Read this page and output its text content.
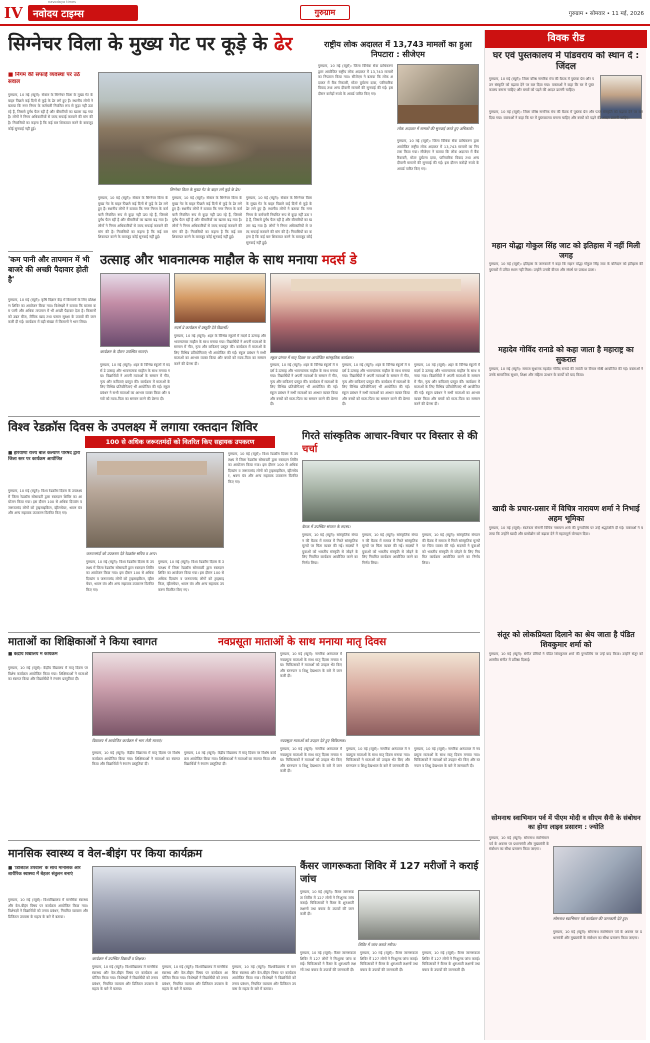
IV नवोदय टाइम्स
navodaya times
गुरुग्राम	गुरुग्राम • सोमवार • 11 मई, 2026
सिग्नेचर विला के मुख्य गेट पर कूड़े के ढेर
■ निगम की सफाई व्यवस्था पर उठे सवाल
गुरुग्राम, 10 मई (ब्यूरो): सेक्टर के सिग्नेचर विला के मुख्य गेट के बाहर पिछले कई दिनों से कूड़े के ढेर लगे हुए हैं। स्थानीय लोगों ने बताया कि नगर निगम के कर्मचारी नियमित रूप से कूड़ा नहीं उठा रहे हैं, जिससे दुर्गंध फैल रही है और बीमारियों का खतरा बढ़ गया है। लोगों ने निगम अधिकारियों से जल्द सफाई करवाने की मांग की है। निवासियों का कहना है कि कई बार शिकायत करने के बावजूद कोई सुनवाई नहीं हुई।
सिग्नेचर विला के मुख्य गेट के बाहर लगे कूड़े के ढेर।
गुरुग्राम, 10 मई (ब्यूरो): सेक्टर के सिग्नेचर विला के मुख्य गेट के बाहर पिछले कई दिनों से कूड़े के ढेर लगे हुए हैं। स्थानीय लोगों ने बताया कि नगर निगम के कर्मचारी नियमित रूप से कूड़ा नहीं उठा रहे हैं, जिससे दुर्गंध फैल रही है और बीमारियों का खतरा बढ़ गया है। लोगों ने निगम अधिकारियों से जल्द सफाई करवाने की मांग की है। निवासियों का कहना है कि कई बार शिकायत करने के बावजूद कोई सुनवाई नहीं हुई।
गुरुग्राम, 10 मई (ब्यूरो): सेक्टर के सिग्नेचर विला के मुख्य गेट के बाहर पिछले कई दिनों से कूड़े के ढेर लगे हुए हैं। स्थानीय लोगों ने बताया कि नगर निगम के कर्मचारी नियमित रूप से कूड़ा नहीं उठा रहे हैं, जिससे दुर्गंध फैल रही है और बीमारियों का खतरा बढ़ गया है। लोगों ने निगम अधिकारियों से जल्द सफाई करवाने की मांग की है। निवासियों का कहना है कि कई बार शिकायत करने के बावजूद कोई सुनवाई नहीं हुई।
गुरुग्राम, 10 मई (ब्यूरो): सेक्टर के सिग्नेचर विला के मुख्य गेट के बाहर पिछले कई दिनों से कूड़े के ढेर लगे हुए हैं। स्थानीय लोगों ने बताया कि नगर निगम के कर्मचारी नियमित रूप से कूड़ा नहीं उठा रहे हैं, जिससे दुर्गंध फैल रही है और बीमारियों का खतरा बढ़ गया है। लोगों ने निगम अधिकारियों से जल्द सफाई करवाने की मांग की है। निवासियों का कहना है कि कई बार शिकायत करने के बावजूद कोई सुनवाई नहीं हुई।
राष्ट्रीय लोक अदालत में 13,743 मामलों का हुआ निपटारा : सीजेएम
गुरुग्राम, 10 मई (ब्यूरो): जिला विधिक सेवा प्राधिकरण द्वारा आयोजित राष्ट्रीय लोक अदालत में 13,743 मामलों का निपटारा किया गया। सीजेएम ने बताया कि लोक अदालत में बैंक रिकवरी, मोटर दुर्घटना दावा, पारिवारिक विवाद तथा अन्य दीवानी मामलों की सुनवाई की गई। इस दौरान करोड़ों रुपये के अवार्ड पारित किए गए।
लोक अदालत में मामलों की सुनवाई करते हुए अधिकारी।
गुरुग्राम, 10 मई (ब्यूरो): जिला विधिक सेवा प्राधिकरण द्वारा आयोजित राष्ट्रीय लोक अदालत में 13,743 मामलों का निपटारा किया गया। सीजेएम ने बताया कि लोक अदालत में बैंक रिकवरी, मोटर दुर्घटना दावा, पारिवारिक विवाद तथा अन्य दीवानी मामलों की सुनवाई की गई। इस दौरान करोड़ों रुपये के अवार्ड पारित किए गए।
विवक रीड
घर एवं पुस्तकालय में पांडवराय को स्थान दें : जिंदल
गुरुग्राम, 10 मई (ब्यूरो): जिला वरिष्ठ नागरिक मंच की बैठक में पुस्तक प्रेम और पठन संस्कृति को बढ़ावा देने पर बल दिया गया। वक्ताओं ने कहा कि घर में पुस्तकालय बनाना चाहिए और बच्चों को पढ़ने की आदत डालनी चाहिए।
गुरुग्राम, 10 मई (ब्यूरो): जिला वरिष्ठ नागरिक मंच की बैठक में पुस्तक प्रेम और पठन संस्कृति को बढ़ावा देने पर बल दिया गया। वक्ताओं ने कहा कि घर में पुस्तकालय बनाना चाहिए और बच्चों को पढ़ने की आदत डालनी चाहिए।
महान योद्धा गोकुल सिंह जाट को इतिहास में नहीं मिली जगह
गुरुग्राम, 10 मई (ब्यूरो): इतिहास के जानकारों ने कहा कि महान योद्धा गोकुल सिंह जाट के बलिदान को इतिहास की पुस्तकों में उचित स्थान नहीं मिला। उन्होंने उनकी वीरता और संघर्ष पर प्रकाश डाला।
महादेव गोविंद रानाडे को कहा जाता है महाराष्ट्र का सुकरात
गुरुग्राम, 10 मई (ब्यूरो): समाज सुधारक महादेव गोविंद रानाडे की जयंती पर विचार गोष्ठी आयोजित की गई। वक्ताओं ने उनके सामाजिक सुधार, शिक्षा और महिला उत्थान के कार्यों को याद किया।
खादी के प्रचार-प्रसार में विचित्र नारायण शर्मा ने निभाई अहम भूमिका
गुरुग्राम, 10 मई (ब्यूरो): स्वतंत्रता सेनानी विचित्र नारायण शर्मा की पुण्यतिथि पर उन्हें श्रद्धांजलि दी गई। वक्ताओं ने बताया कि उन्होंने खादी और ग्रामोद्योग को बढ़ावा देने में महत्वपूर्ण योगदान दिया।
संतूर को लोकप्रियता दिलाने का श्रेय जाता है पंडित शिवकुमार शर्मा को
गुरुग्राम, 10 मई (ब्यूरो): संगीत प्रेमियों ने पंडित शिवकुमार शर्मा की पुण्यतिथि पर उन्हें याद किया। उन्होंने संतूर को शास्त्रीय संगीत में प्रतिष्ठा दिलाई।
सोमनाथ स्वाभिमान पर्व में पीएम मोदी व सीएम सैनी के संबोधन का होगा लाइव प्रसारण : ज्योति
गुरुग्राम, 10 मई (ब्यूरो): सोमनाथ स्वाभिमान पर्व के अवसर पर प्रधानमंत्री और मुख्यमंत्री के संबोधन का सीधा प्रसारण किया जाएगा।
सोमनाथ स्वाभिमान पर्व कार्यक्रम की जानकारी देते हुए।
गुरुग्राम, 10 मई (ब्यूरो): सोमनाथ स्वाभिमान पर्व के अवसर पर प्रधानमंत्री और मुख्यमंत्री के संबोधन का सीधा प्रसारण किया जाएगा।
'कम पानी और तापमान में भी बाजरे की अच्छी पैदावार होती है'
गुरुग्राम, 10 मई (ब्यूरो): कृषि विज्ञान केंद्र में किसानों के लिए प्रशिक्षण शिविर का आयोजन किया गया। विशेषज्ञों ने बताया कि बाजरा कम पानी और अधिक तापमान में भी अच्छी पैदावार देता है। किसानों को उन्नत बीज, जैविक खाद तथा फसल सुरक्षा के उपायों की जानकारी दी गई। कार्यक्रम में बड़ी संख्या में किसानों ने भाग लिया।
उत्साह और भावनात्मक माहौल के साथ मनाया मदर्स डे
कार्यक्रम के दौरान उपस्थित माताएं।
मदर्स डे कार्यक्रम में प्रस्तुति देते विद्यार्थी।
स्कूल प्रांगण में मातृ दिवस पर आयोजित सांस्कृतिक कार्यक्रम।
गुरुग्राम, 10 मई (ब्यूरो): शहर के विभिन्न स्कूलों में मदर्स डे उत्साह और भावनात्मक माहौल के साथ मनाया गया। विद्यार्थियों ने अपनी माताओं के सम्मान में गीत, नृत्य और कविताएं प्रस्तुत कीं। कार्यक्रम में माताओं के लिए विभिन्न प्रतियोगिताएं भी आयोजित की गईं। स्कूल प्रबंधन ने सभी माताओं का आभार व्यक्त किया और बच्चों को माता-पिता का सम्मान करने की प्रेरणा दी।
गुरुग्राम, 10 मई (ब्यूरो): शहर के विभिन्न स्कूलों में मदर्स डे उत्साह और भावनात्मक माहौल के साथ मनाया गया। विद्यार्थियों ने अपनी माताओं के सम्मान में गीत, नृत्य और कविताएं प्रस्तुत कीं। कार्यक्रम में माताओं के लिए विभिन्न प्रतियोगिताएं भी आयोजित की गईं। स्कूल प्रबंधन ने सभी माताओं का आभार व्यक्त किया और बच्चों को माता-पिता का सम्मान करने की प्रेरणा दी।	गुरुग्राम, 10 मई (ब्यूरो): शहर के विभिन्न स्कूलों में मदर्स डे उत्साह और भावनात्मक माहौल के साथ मनाया गया। विद्यार्थियों ने अपनी माताओं के सम्मान में गीत, नृत्य और कविताएं प्रस्तुत कीं। कार्यक्रम में माताओं के लिए विभिन्न प्रतियोगिताएं भी आयोजित की गईं। स्कूल प्रबंधन ने सभी माताओं का आभार व्यक्त किया और बच्चों को माता-पिता का सम्मान करने की प्रेरणा दी।
गुरुग्राम, 10 मई (ब्यूरो): शहर के विभिन्न स्कूलों में मदर्स डे उत्साह और भावनात्मक माहौल के साथ मनाया गया। विद्यार्थियों ने अपनी माताओं के सम्मान में गीत, नृत्य और कविताएं प्रस्तुत कीं। कार्यक्रम में माताओं के लिए विभिन्न प्रतियोगिताएं भी आयोजित की गईं। स्कूल प्रबंधन ने सभी माताओं का आभार व्यक्त किया और बच्चों को माता-पिता का सम्मान करने की प्रेरणा दी।
गुरुग्राम, 10 मई (ब्यूरो): शहर के विभिन्न स्कूलों में मदर्स डे उत्साह और भावनात्मक माहौल के साथ मनाया गया। विद्यार्थियों ने अपनी माताओं के सम्मान में गीत, नृत्य और कविताएं प्रस्तुत कीं। कार्यक्रम में माताओं के लिए विभिन्न प्रतियोगिताएं भी आयोजित की गईं। स्कूल प्रबंधन ने सभी माताओं का आभार व्यक्त किया और बच्चों को माता-पिता का सम्मान करने की प्रेरणा दी।
विश्व रेडक्रॉस दिवस के उपलक्ष्य में लगाया रक्तदान शिविर
100 से अधिक जरूरतमंदों को वितरित किए सहायक उपकरण
■ हरियाणा राज्य बाल कल्याण परिषद द्वारा जिला स्तर पर कार्यक्रम आयोजित
गुरुग्राम, 10 मई (ब्यूरो): विश्व रेडक्रॉस दिवस के उपलक्ष्य में जिला रेडक्रॉस सोसायटी द्वारा रक्तदान शिविर का आयोजन किया गया। इस दौरान 100 से अधिक दिव्यांग व जरूरतमंद लोगों को ट्राइसाइकिल, व्हीलचेयर, श्रवण यंत्र और अन्य सहायक उपकरण वितरित किए गए।
जरूरतमंदों को उपकरण देते रेडक्रॉस सचिव व अन्य।
गुरुग्राम, 10 मई (ब्यूरो): विश्व रेडक्रॉस दिवस के उपलक्ष्य में जिला रेडक्रॉस सोसायटी द्वारा रक्तदान शिविर का आयोजन किया गया। इस दौरान 100 से अधिक दिव्यांग व जरूरतमंद लोगों को ट्राइसाइकिल, व्हीलचेयर, श्रवण यंत्र और अन्य सहायक उपकरण वितरित किए गए।
गुरुग्राम, 10 मई (ब्यूरो): विश्व रेडक्रॉस दिवस के उपलक्ष्य में जिला रेडक्रॉस सोसायटी द्वारा रक्तदान शिविर का आयोजन किया गया। इस दौरान 100 से अधिक दिव्यांग व जरूरतमंद लोगों को ट्राइसाइकिल, व्हीलचेयर, श्रवण यंत्र और अन्य सहायक उपकरण वितरित किए गए।
गुरुग्राम, 10 मई (ब्यूरो): विश्व रेडक्रॉस दिवस के उपलक्ष्य में जिला रेडक्रॉस सोसायटी द्वारा रक्तदान शिविर का आयोजन किया गया। इस दौरान 100 से अधिक दिव्यांग व जरूरतमंद लोगों को ट्राइसाइकिल, व्हीलचेयर, श्रवण यंत्र और अन्य सहायक उपकरण वितरित किए गए।
गिरते सांस्कृतिक आचार-विचार पर विस्तार से की चर्चा
बैठक में उपस्थित संगठन के सदस्य।
गुरुग्राम, 10 मई (ब्यूरो): सांस्कृतिक संगठन की बैठक में समाज में गिरते सांस्कृतिक मूल्यों पर चिंता व्यक्त की गई। सदस्यों ने युवाओं को भारतीय संस्कृति से जोड़ने के लिए नियमित कार्यक्रम आयोजित करने का निर्णय लिया।
गुरुग्राम, 10 मई (ब्यूरो): सांस्कृतिक संगठन की बैठक में समाज में गिरते सांस्कृतिक मूल्यों पर चिंता व्यक्त की गई। सदस्यों ने युवाओं को भारतीय संस्कृति से जोड़ने के लिए नियमित कार्यक्रम आयोजित करने का निर्णय लिया।
गुरुग्राम, 10 मई (ब्यूरो): सांस्कृतिक संगठन की बैठक में समाज में गिरते सांस्कृतिक मूल्यों पर चिंता व्यक्त की गई। सदस्यों ने युवाओं को भारतीय संस्कृति से जोड़ने के लिए नियमित कार्यक्रम आयोजित करने का निर्णय लिया।
माताओं का शिक्षिकाओं ने किया स्वागत
■ केंद्रीय विद्यालय में कार्यक्रम
गुरुग्राम, 10 मई (ब्यूरो): केंद्रीय विद्यालय में मातृ दिवस पर विशेष कार्यक्रम आयोजित किया गया। शिक्षिकाओं ने माताओं का स्वागत किया और विद्यार्थियों ने रंगारंग प्रस्तुतियां दीं।
विद्यालय में आयोजित कार्यक्रम में भाग लेती माताएं।
गुरुग्राम, 10 मई (ब्यूरो): केंद्रीय विद्यालय में मातृ दिवस पर विशेष कार्यक्रम आयोजित किया गया। शिक्षिकाओं ने माताओं का स्वागत किया और विद्यार्थियों ने रंगारंग प्रस्तुतियां दीं।
गुरुग्राम, 10 मई (ब्यूरो): केंद्रीय विद्यालय में मातृ दिवस पर विशेष कार्यक्रम आयोजित किया गया। शिक्षिकाओं ने माताओं का स्वागत किया और विद्यार्थियों ने रंगारंग प्रस्तुतियां दीं।
नवप्रसूता माताओं के साथ मनाया मातृ दिवस
गुरुग्राम, 10 मई (ब्यूरो): नागरिक अस्पताल में नवप्रसूता माताओं के साथ मातृ दिवस मनाया गया। चिकित्सकों ने माताओं को उपहार भेंट किए और स्तनपान व शिशु देखभाल के बारे में जानकारी दी।
नवप्रसूता माताओं को उपहार देते हुए चिकित्सक।
गुरुग्राम, 10 मई (ब्यूरो): नागरिक अस्पताल में नवप्रसूता माताओं के साथ मातृ दिवस मनाया गया। चिकित्सकों ने माताओं को उपहार भेंट किए और स्तनपान व शिशु देखभाल के बारे में जानकारी दी।
गुरुग्राम, 10 मई (ब्यूरो): नागरिक अस्पताल में नवप्रसूता माताओं के साथ मातृ दिवस मनाया गया। चिकित्सकों ने माताओं को उपहार भेंट किए और स्तनपान व शिशु देखभाल के बारे में जानकारी दी।
गुरुग्राम, 10 मई (ब्यूरो): नागरिक अस्पताल में नवप्रसूता माताओं के साथ मातृ दिवस मनाया गया। चिकित्सकों ने माताओं को उपहार भेंट किए और स्तनपान व शिशु देखभाल के बारे में जानकारी दी।
मानसिक स्वास्थ्य व वेल-बीइंग पर किया कार्यक्रम
■ 'डिजिटल उपवास' के साथ मानसिक और शारीरिक स्वास्थ्य में बेहतर संतुलन बनाएं
गुरुग्राम, 10 मई (ब्यूरो): विश्वविद्यालय में मानसिक स्वास्थ्य और वेल-बीइंग विषय पर कार्यक्रम आयोजित किया गया। विशेषज्ञों ने विद्यार्थियों को तनाव प्रबंधन, नियमित व्यायाम और डिजिटल उपवास के महत्व के बारे में बताया।
कार्यक्रम में उपस्थित विद्यार्थी व शिक्षक।
गुरुग्राम, 10 मई (ब्यूरो): विश्वविद्यालय में मानसिक स्वास्थ्य और वेल-बीइंग विषय पर कार्यक्रम आयोजित किया गया। विशेषज्ञों ने विद्यार्थियों को तनाव प्रबंधन, नियमित व्यायाम और डिजिटल उपवास के महत्व के बारे में बताया।
गुरुग्राम, 10 मई (ब्यूरो): विश्वविद्यालय में मानसिक स्वास्थ्य और वेल-बीइंग विषय पर कार्यक्रम आयोजित किया गया। विशेषज्ञों ने विद्यार्थियों को तनाव प्रबंधन, नियमित व्यायाम और डिजिटल उपवास के महत्व के बारे में बताया।
गुरुग्राम, 10 मई (ब्यूरो): विश्वविद्यालय में मानसिक स्वास्थ्य और वेल-बीइंग विषय पर कार्यक्रम आयोजित किया गया। विशेषज्ञों ने विद्यार्थियों को तनाव प्रबंधन, नियमित व्यायाम और डिजिटल उपवास के महत्व के बारे में बताया।
कैंसर जागरूकता शिविर में 127 मरीजों ने कराई जांच
गुरुग्राम, 10 मई (ब्यूरो): कैंसर जागरूकता शिविर में 127 लोगों ने निःशुल्क जांच कराई। चिकित्सकों ने कैंसर के शुरुआती लक्षणों तथा बचाव के उपायों की जानकारी दी।
शिविर में जांच कराते मरीज।
गुरुग्राम, 10 मई (ब्यूरो): कैंसर जागरूकता शिविर में 127 लोगों ने निःशुल्क जांच कराई। चिकित्सकों ने कैंसर के शुरुआती लक्षणों तथा बचाव के उपायों की जानकारी दी।
गुरुग्राम, 10 मई (ब्यूरो): कैंसर जागरूकता शिविर में 127 लोगों ने निःशुल्क जांच कराई। चिकित्सकों ने कैंसर के शुरुआती लक्षणों तथा बचाव के उपायों की जानकारी दी।
गुरुग्राम, 10 मई (ब्यूरो): कैंसर जागरूकता शिविर में 127 लोगों ने निःशुल्क जांच कराई। चिकित्सकों ने कैंसर के शुरुआती लक्षणों तथा बचाव के उपायों की जानकारी दी।
